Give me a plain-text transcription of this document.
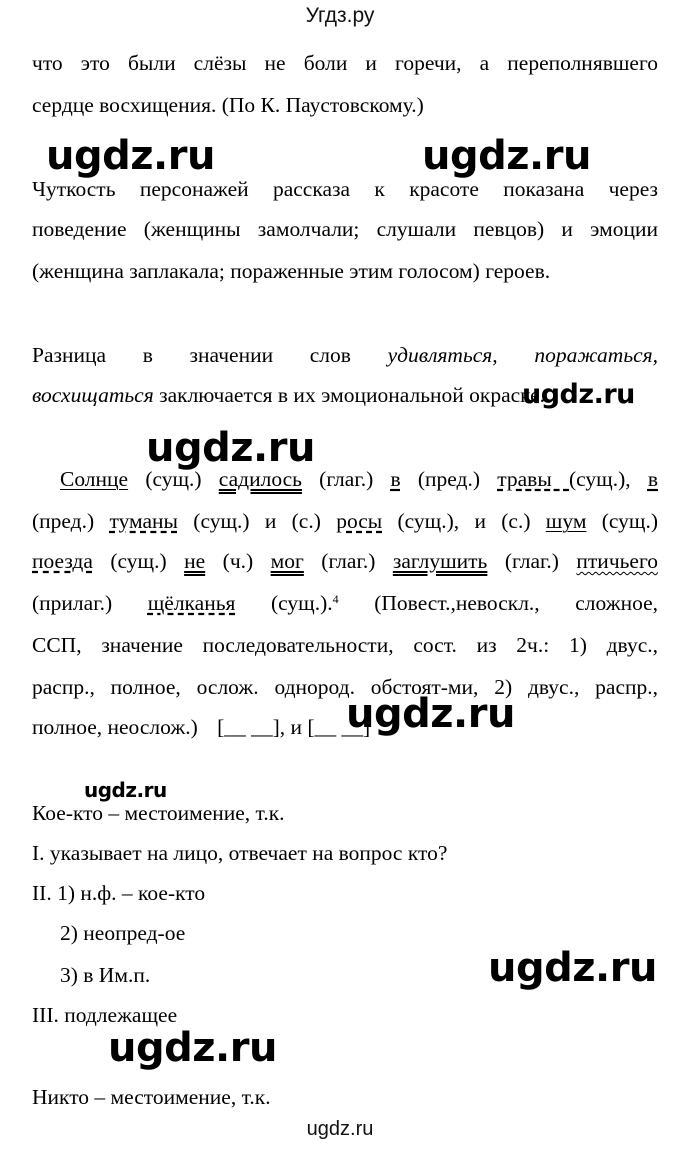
Угдз.ру
ugdz.ru	ugdz.ru
ugdz.ru
ugdz.ru
ugdz.ru
ugdz.ru
ugdz.ru
ugdz.ru
что это были слёзы не боли и горечи, а переполнявшего
сердце восхищения. (По К. Паустовскому.)
Чуткость персонажей рассказа к красоте показана через
поведение (женщины замолчали; слушали певцов) и эмоции
(женщина заплакала; пораженные этим голосом) героев.
Разница в значении слов удивляться, поражаться,
восхищаться заключается в их эмоциональной окраске.
Солнце (сущ.) садилось (глаг.) в (пред.) травы (сущ.), в
(пред.) туманы (сущ.) и (с.) росы (сущ.), и (с.) шум (сущ.)
поезда (сущ.) не (ч.) мог (глаг.) заглушить (глаг.) птичьего
(прилаг.) щёлканья (сущ.).$^4$ (Повест.,невоскл., сложное,
ССП, значение последовательности, сост. из 2ч.: 1) двус.,
распр., полное, ослож. однород. обстоят-ми, 2) двус., распр.,
полное, неослож.) [__ __], и [__ __]
Кое-кто – местоимение, т.к.
I. указывает на лицо, отвечает на вопрос кто?
II. 1) н.ф. – кое-кто
2) неопред-ое
3) в Им.п.
III. подлежащее
Никто – местоимение, т.к.
ugdz.ru
